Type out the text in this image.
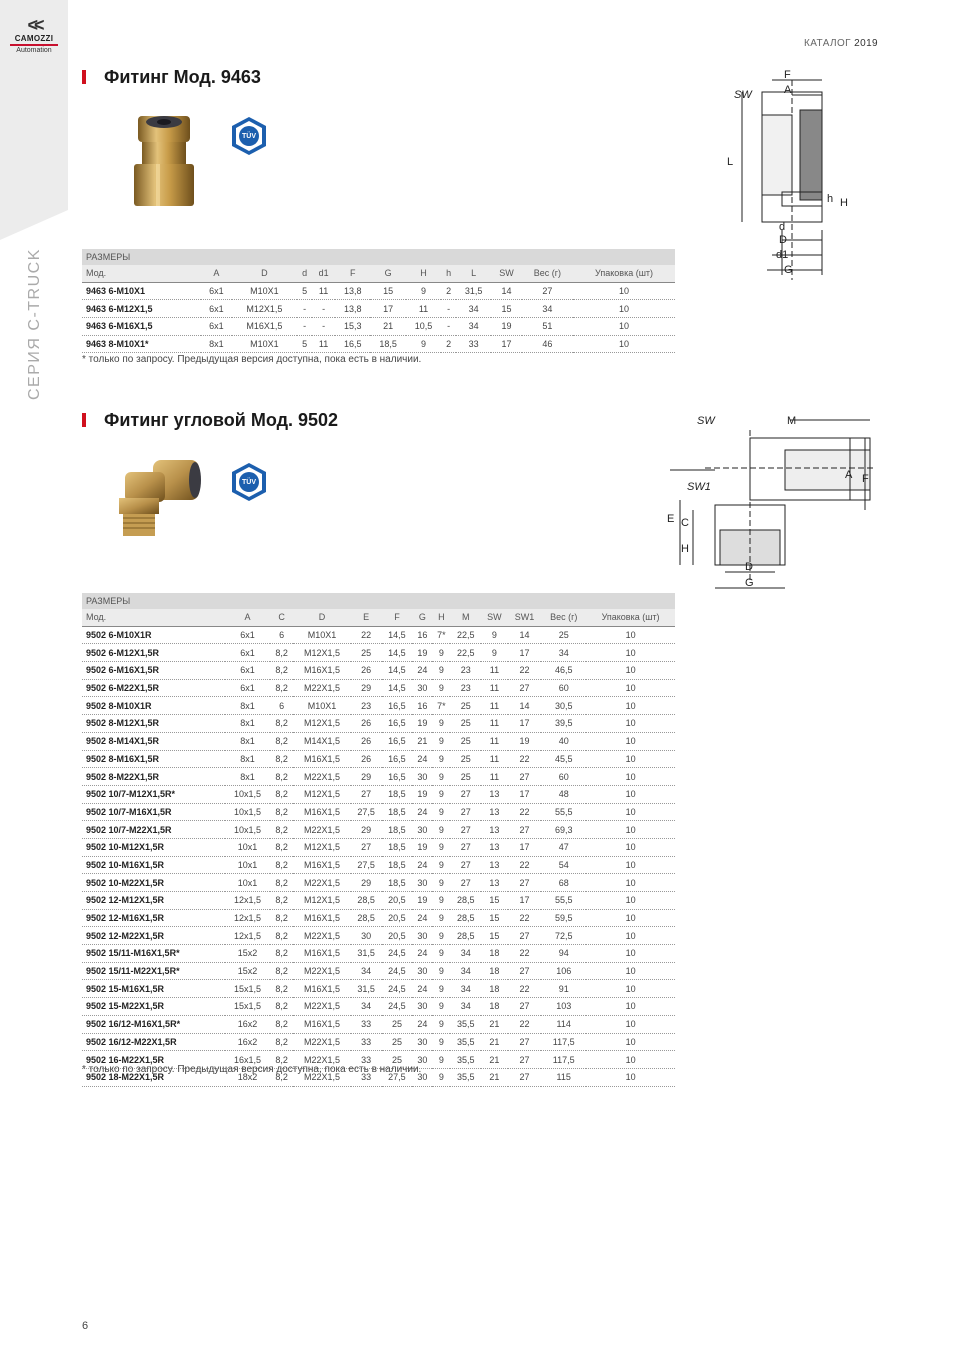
<<
CAMOZZI
Automation
СЕРИЯ C-TRUCK
КАТАЛОГ 2019
Фитинг Мод. 9463
TÜV
SW
F
A
L
h H
d
D
d1
G
РАЗМЕРЫ												
Мод.	A	D	d	d1	F	G	H	h	L	SW	Вес (г)	Упаковка (шт)
9463 6-M10X1	6x1	M10X1	5	11	13,8	15	9	2	31,5	14	27	10
9463 6-M12X1,5	6x1	M12X1,5	-	-	13,8	17	11	-	34	15	34	10
9463 6-M16X1,5	6x1	M16X1,5	-	-	15,3	21	10,5	-	34	19	51	10
9463 8-M10X1*	8x1	M10X1	5	11	16,5	18,5	9	2	33	17	46	10
* только по запросу. Предыдущая версия доступна, пока есть в наличии.
Фитинг угловой Мод. 9502
TÜV
SW	M
SW1
A F
E C
H
D
G
РАЗМЕРЫ												
Мод.	A	C	D	E	F	G	H	M	SW	SW1	Вес (г)	Упаковка (шт)
9502 6-M10X1R	6x1	6	M10X1	22	14,5	16	7*	22,5	9	14	25	10
9502 6-M12X1,5R	6x1	8,2	M12X1,5	25	14,5	19	9	22,5	9	17	34	10
9502 6-M16X1,5R	6x1	8,2	M16X1,5	26	14,5	24	9	23	11	22	46,5	10
9502 6-M22X1,5R	6x1	8,2	M22X1,5	29	14,5	30	9	23	11	27	60	10
9502 8-M10X1R	8x1	6	M10X1	23	16,5	16	7*	25	11	14	30,5	10
9502 8-M12X1,5R	8x1	8,2	M12X1,5	26	16,5	19	9	25	11	17	39,5	10
9502 8-M14X1,5R	8x1	8,2	M14X1,5	26	16,5	21	9	25	11	19	40	10
9502 8-M16X1,5R	8x1	8,2	M16X1,5	26	16,5	24	9	25	11	22	45,5	10
9502 8-M22X1,5R	8x1	8,2	M22X1,5	29	16,5	30	9	25	11	27	60	10
9502 10/7-M12X1,5R*	10x1,5	8,2	M12X1,5	27	18,5	19	9	27	13	17	48	10
9502 10/7-M16X1,5R	10x1,5	8,2	M16X1,5	27,5	18,5	24	9	27	13	22	55,5	10
9502 10/7-M22X1,5R	10x1,5	8,2	M22X1,5	29	18,5	30	9	27	13	27	69,3	10
9502 10-M12X1,5R	10x1	8,2	M12X1,5	27	18,5	19	9	27	13	17	47	10
9502 10-M16X1,5R	10x1	8,2	M16X1,5	27,5	18,5	24	9	27	13	22	54	10
9502 10-M22X1,5R	10x1	8,2	M22X1,5	29	18,5	30	9	27	13	27	68	10
9502 12-M12X1,5R	12x1,5	8,2	M12X1,5	28,5	20,5	19	9	28,5	15	17	55,5	10
9502 12-M16X1,5R	12x1,5	8,2	M16X1,5	28,5	20,5	24	9	28,5	15	22	59,5	10
9502 12-M22X1,5R	12x1,5	8,2	M22X1,5	30	20,5	30	9	28,5	15	27	72,5	10
9502 15/11-M16X1,5R*	15x2	8,2	M16X1,5	31,5	24,5	24	9	34	18	22	94	10
9502 15/11-M22X1,5R*	15x2	8,2	M22X1,5	34	24,5	30	9	34	18	27	106	10
9502 15-M16X1,5R	15x1,5	8,2	M16X1,5	31,5	24,5	24	9	34	18	22	91	10
9502 15-M22X1,5R	15x1,5	8,2	M22X1,5	34	24,5	30	9	34	18	27	103	10
9502 16/12-M16X1,5R*	16x2	8,2	M16X1,5	33	25	24	9	35,5	21	22	114	10
9502 16/12-M22X1,5R	16x2	8,2	M22X1,5	33	25	30	9	35,5	21	27	117,5	10
9502 16-M22X1,5R	16x1,5	8,2	M22X1,5	33	25	30	9	35,5	21	27	117,5	10
9502 18-M22X1,5R	18x2	8,2	M22X1,5	33	27,5	30	9	35,5	21	27	115	10
* только по запросу. Предыдущая версия доступна, пока есть в наличии.
6
